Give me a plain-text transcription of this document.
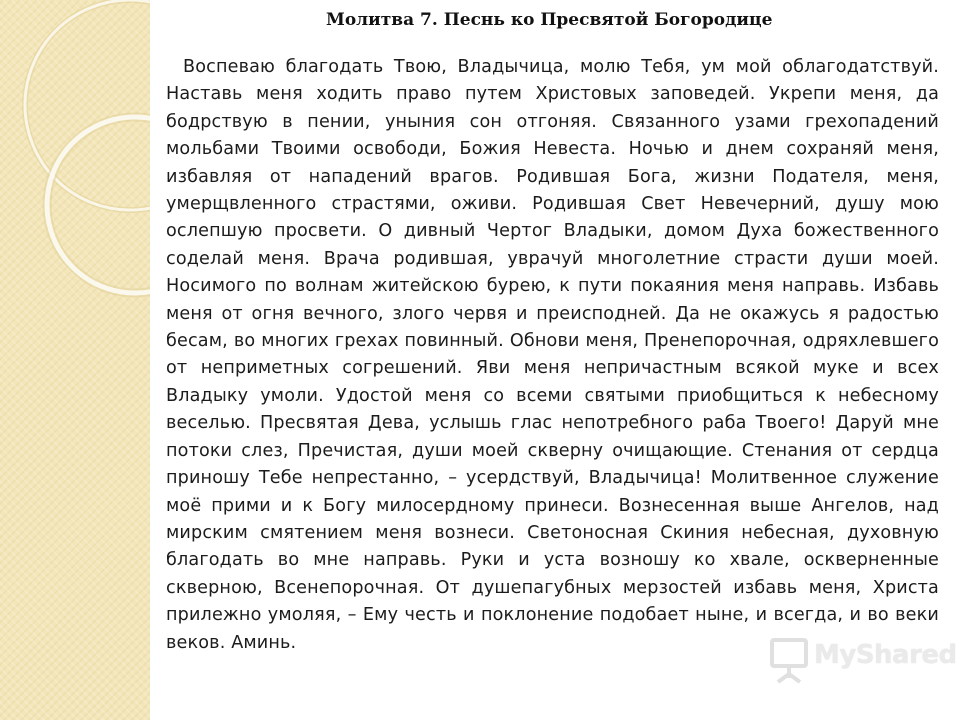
Молитва 7. Песнь ко Пресвятой Богородице

Воспеваю благодать Твою, Владычица, молю Тебя, ум мой облагодатствуй. Наставь меня ходить право путем Христовых заповедей. Укрепи меня, да бодрствую в пении, уныния сон отгоняя. Связанного узами грехопадений мольбами Твоими освободи, Божия Невеста. Ночью и днем сохраняй меня, избавляя от нападений врагов. Родившая Бога, жизни Подателя, меня, умерщвленного страстями, оживи. Родившая Свет Невечерний, душу мою ослепшую просвети. О дивный Чертог Владыки, домом Духа божественного соделай меня. Врача родившая, уврачуй многолетние страсти души моей. Носимого по волнам житейскою бурею, к пути покаяния меня направь. Избавь меня от огня вечного, злого червя и преисподней. Да не окажусь я радостью бесам, во многих грехах повинный. Обнови меня, Пренепорочная, одряхлевшего от неприметных согрешений. Яви меня непричастным всякой муке и всех Владыку умоли. Удостой меня со всеми святыми приобщиться к небесному веселью. Пресвятая Дева, услышь глас непотребного раба Твоего! Даруй мне потоки слез, Пречистая, души моей скверну очищающие. Стенания от сердца приношу Тебе непрестанно, – усердствуй, Владычица! Молитвенное служение моё прими и к Богу милосердному принеси. Вознесенная выше Ангелов, над мирским смятением меня вознеси. Светоносная Скиния небесная, духовную благодать во мне направь. Руки и уста возношу ко хвале, оскверненные скверною, Всенепорочная. От душепагубных мерзостей избавь меня, Христа прилежно умоляя, – Ему честь и поклонение подобает ныне, и всегда, и во веки веков. Аминь.	MyShared
